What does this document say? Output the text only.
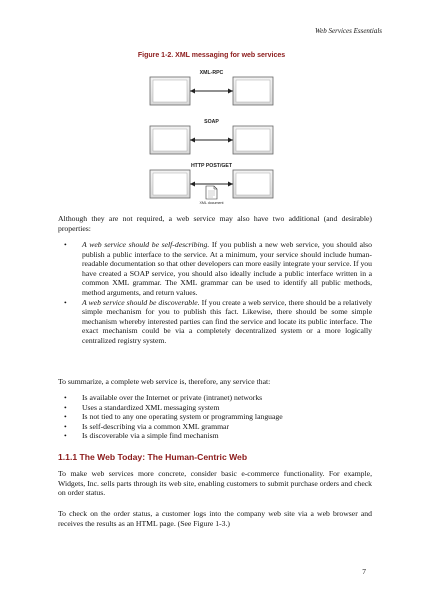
Web Services Essentials
Figure 1-2. XML messaging for web services
XML-RPC
SOAP
HTTP POST/GET
XML document
Although they are not required, a web service may also have two additional (and desirable) properties:
• A web service should be self-describing. If you publish a new web service, you should also publish a public interface to the service. At a minimum, your service should include human-readable documentation so that other developers can more easily integrate your service. If you have created a SOAP service, you should also ideally include a public interface written in a common XML grammar. The XML grammar can be used to identify all public methods, method arguments, and return values.
• A web service should be discoverable. If you create a web service, there should be a relatively simple mechanism for you to publish this fact. Likewise, there should be some simple mechanism whereby interested parties can find the service and locate its public interface. The exact mechanism could be via a completely decentralized system or a more logically centralized registry system.
To summarize, a complete web service is, therefore, any service that:
• Is available over the Internet or private (intranet) networks
• Uses a standardized XML messaging system
• Is not tied to any one operating system or programming language
• Is self-describing via a common XML grammar
• Is discoverable via a simple find mechanism
1.1.1 The Web Today: The Human-Centric Web
To make web services more concrete, consider basic e-commerce functionality. For example, Widgets, Inc. sells parts through its web site, enabling customers to submit purchase orders and check on order status.
To check on the order status, a customer logs into the company web site via a web browser and receives the results as an HTML page. (See Figure 1-3.)
7
